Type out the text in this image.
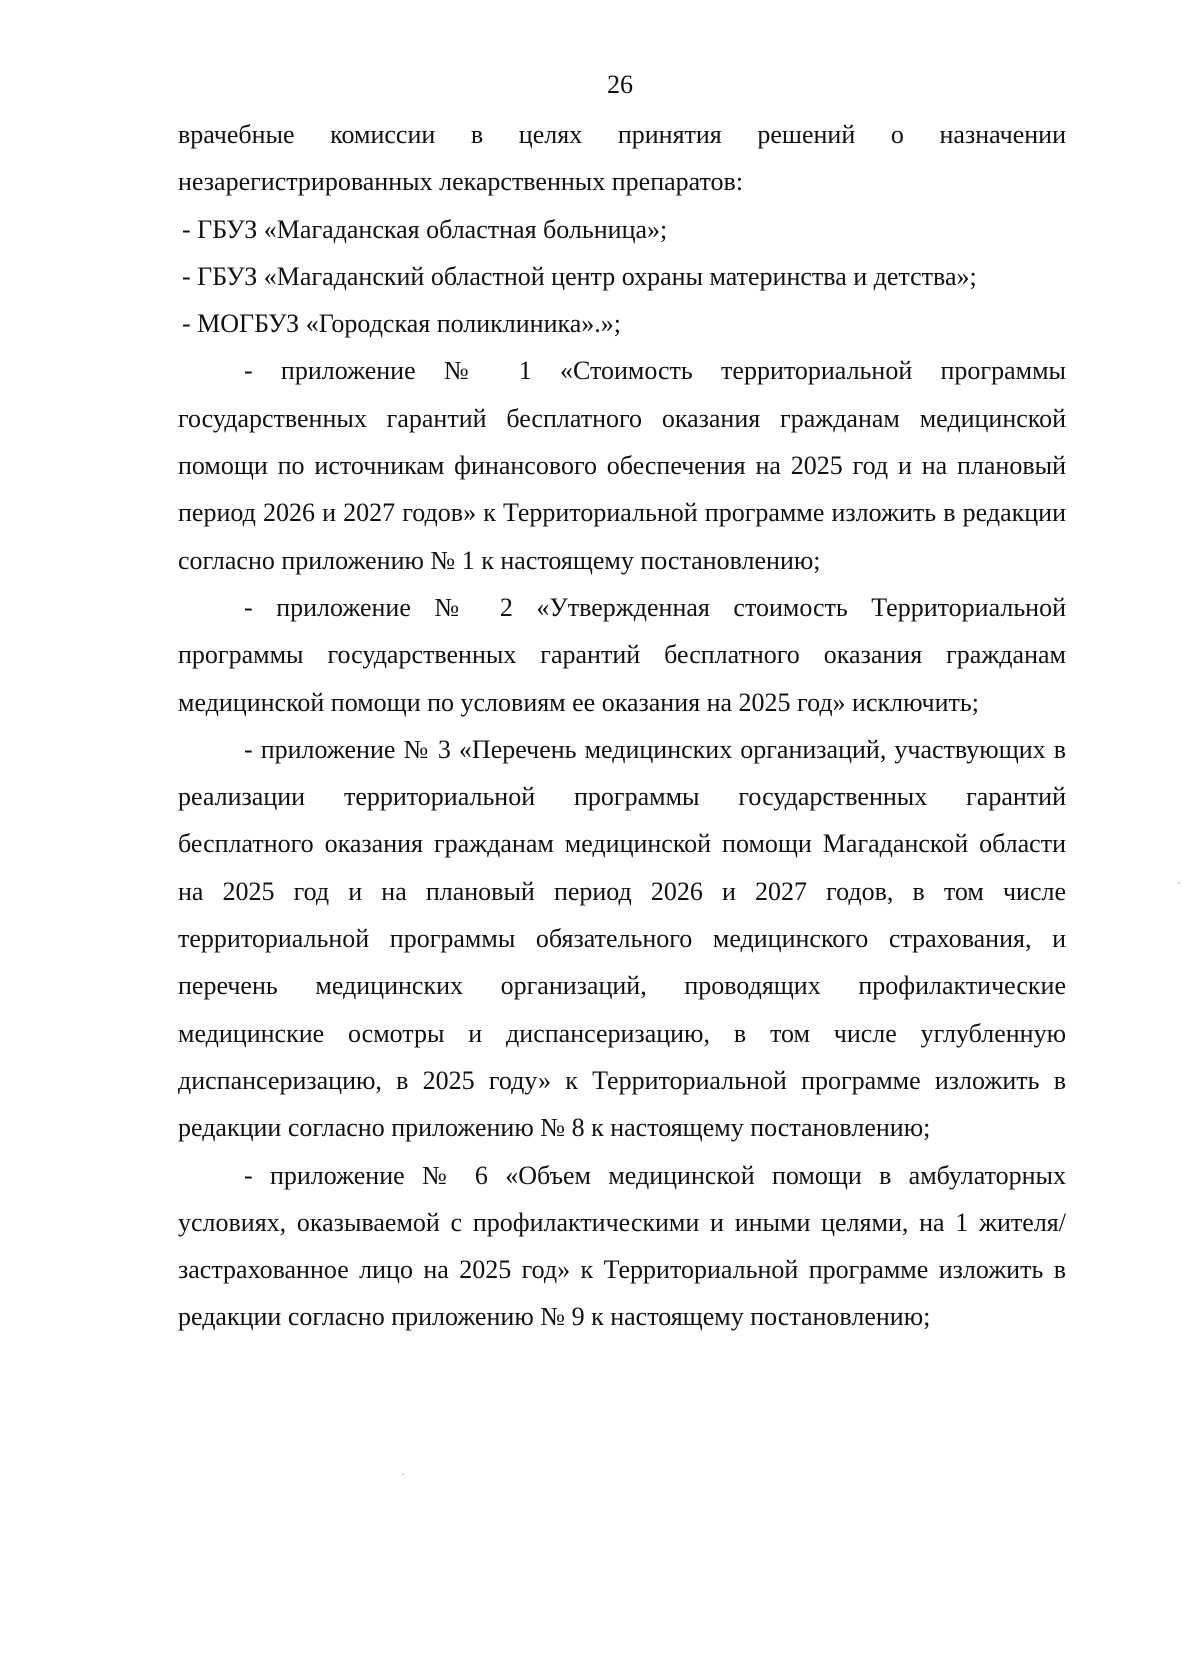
26

врачебные комиссии в целях принятия решений о назначении незарегистрированных лекарственных препаратов:

- ГБУЗ «Магаданская областная больница»;

- ГБУЗ «Магаданский областной центр охраны материнства и детства»;

- МОГБУЗ «Городская поликлиника».»;

- приложение № 1 «Стоимость территориальной программы государственных гарантий бесплатного оказания гражданам медицинской помощи по источникам финансового обеспечения на 2025 год и на плановый период 2026 и 2027 годов» к Территориальной программе изложить в редакции согласно приложению № 1 к настоящему постановлению;

- приложение № 2 «Утвержденная стоимость Территориальной программы государственных гарантий бесплатного оказания гражданам медицинской помощи по условиям ее оказания на 2025 год» исключить;

- приложение № 3 «Перечень медицинских организаций, участвующих в реализации территориальной программы государственных гарантий бесплатного оказания гражданам медицинской помощи Магаданской области на 2025 год и на плановый период 2026 и 2027 годов, в том числе территориальной программы обязательного медицинского страхования, и перечень медицинских организаций, проводящих профилактические медицинские осмотры и диспансеризацию, в том числе углубленную диспансеризацию, в 2025 году» к Территориальной программе изложить в редакции согласно приложению № 8 к настоящему постановлению;

- приложение № 6 «Объем медицинской помощи в амбулаторных условиях, оказываемой с профилактическими и иными целями, на 1 жителя/застрахованное лицо на 2025 год» к Территориальной программе изложить в редакции согласно приложению № 9 к настоящему постановлению;
